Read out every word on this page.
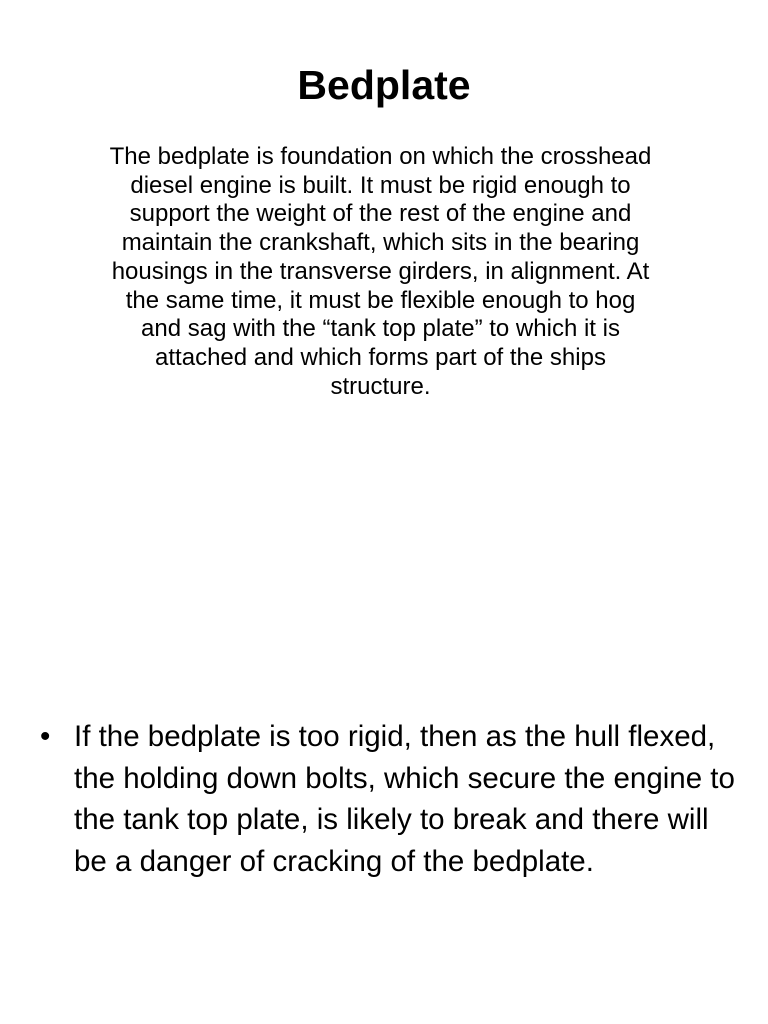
Bedplate

The bedplate is foundation on which the crosshead diesel engine is built. It must be rigid enough to support the weight of the rest of the engine and maintain the crankshaft, which sits in the bearing housings in the transverse girders, in alignment. At the same time, it must be flexible enough to hog and sag with the “tank top plate” to which it is attached and which forms part of the ships structure.

• If the bedplate is too rigid, then as the hull flexed, the holding down bolts, which secure the engine to the tank top plate, is likely to break and there will be a danger of cracking of the bedplate.
